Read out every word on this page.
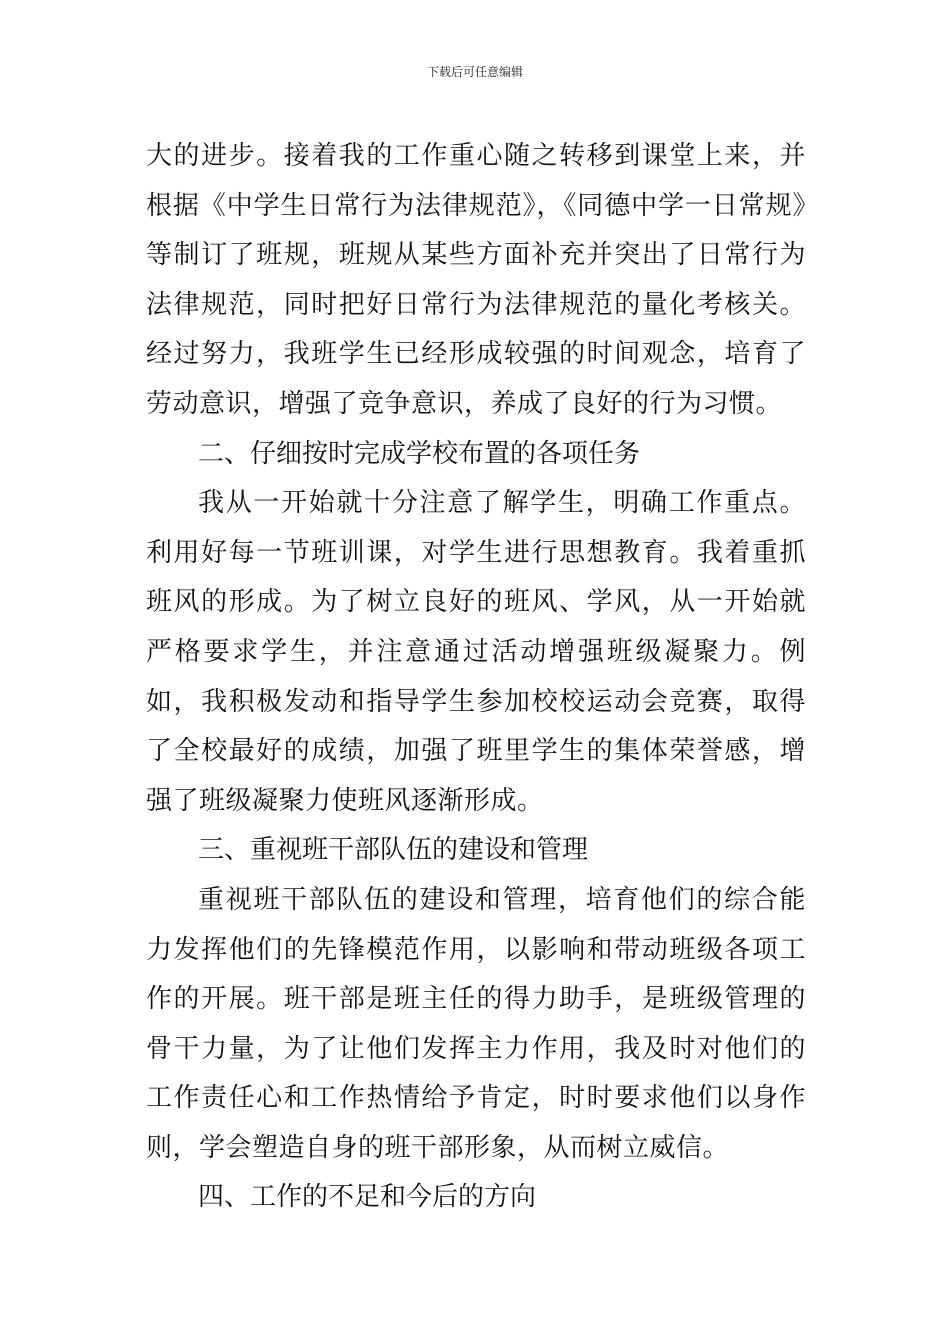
下载后可任意编辑

大的进步。接着我的工作重心随之转移到课堂上来，并根据《中学生日常行为法律规范》，《同德中学一日常规》等制订了班规，班规从某些方面补充并突出了日常行为法律规范，同时把好日常行为法律规范的量化考核关。经过努力，我班学生已经形成较强的时间观念，培育了劳动意识，增强了竞争意识，养成了良好的行为习惯。

二、仔细按时完成学校布置的各项任务

我从一开始就十分注意了解学生，明确工作重点。利用好每一节班训课，对学生进行思想教育。我着重抓班风的形成。为了树立良好的班风、学风，从一开始就严格要求学生，并注意通过活动增强班级凝聚力。例如，我积极发动和指导学生参加校校运动会竞赛，取得了全校最好的成绩，加强了班里学生的集体荣誉感，增强了班级凝聚力使班风逐渐形成。

三、重视班干部队伍的建设和管理

重视班干部队伍的建设和管理，培育他们的综合能力发挥他们的先锋模范作用，以影响和带动班级各项工作的开展。班干部是班主任的得力助手，是班级管理的骨干力量，为了让他们发挥主力作用，我及时对他们的工作责任心和工作热情给予肯定，时时要求他们以身作则，学会塑造自身的班干部形象，从而树立威信。

四、工作的不足和今后的方向
